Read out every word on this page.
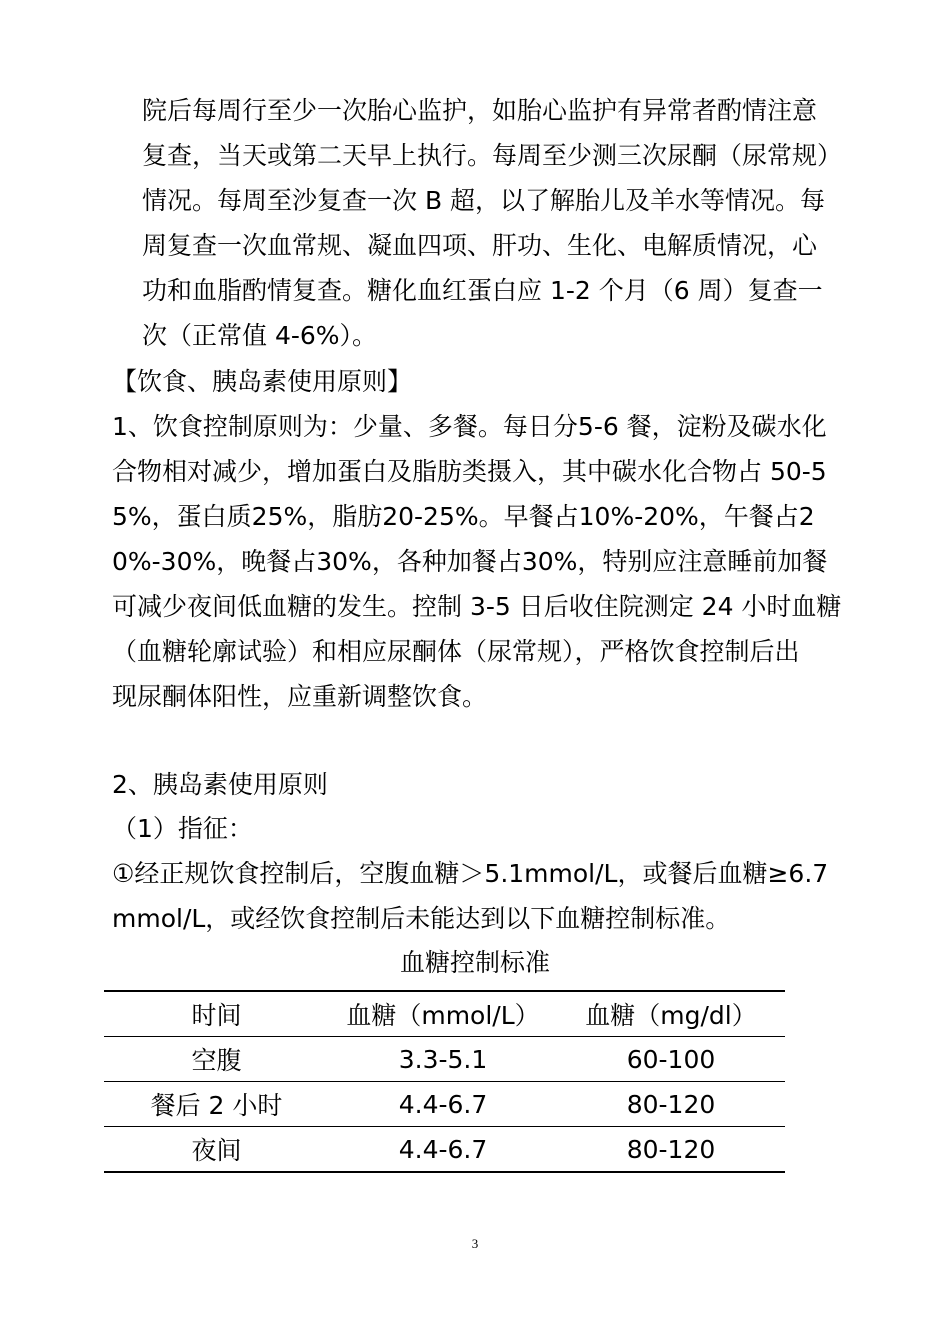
院后每周行至少一次胎心监护，如胎心监护有异常者酌情注意
复查，当天或第二天早上执行。每周至少测三次尿酮（尿常规）
情况。每周至沙复查一次 B 超，以了解胎儿及羊水等情况。每
周复查一次血常规、凝血四项、肝功、生化、电解质情况，心
功和血脂酌情复查。糖化血红蛋白应 1-2 个月（6 周）复查一
次（正常值 4-6%）。
【饮食、胰岛素使用原则】
1、饮食控制原则为：少量、多餐。每日分5-6 餐，淀粉及碳水化
合物相对减少，增加蛋白及脂肪类摄入，其中碳水化合物占 50-5
5%，蛋白质25%，脂肪20-25%。早餐占10%-20%，午餐占2
0%-30%，晚餐占30%，各种加餐占30%，特别应注意睡前加餐
可减少夜间低血糖的发生。控制 3-5 日后收住院测定 24 小时血糖
（血糖轮廓试验）和相应尿酮体（尿常规），严格饮食控制后出
现尿酮体阳性，应重新调整饮食。
2、胰岛素使用原则
（1）指征：
①经正规饮食控制后，空腹血糖＞5.1mmol/L，或餐后血糖≥6.7
mmol/L，或经饮食控制后未能达到以下血糖控制标准。
血糖控制标准
时间	血糖（mmol/L）	血糖（mg/dl）
空腹	3.3-5.1	60-100
餐后 2 小时	4.4-6.7	80-120
夜间	4.4-6.7	80-120
3
